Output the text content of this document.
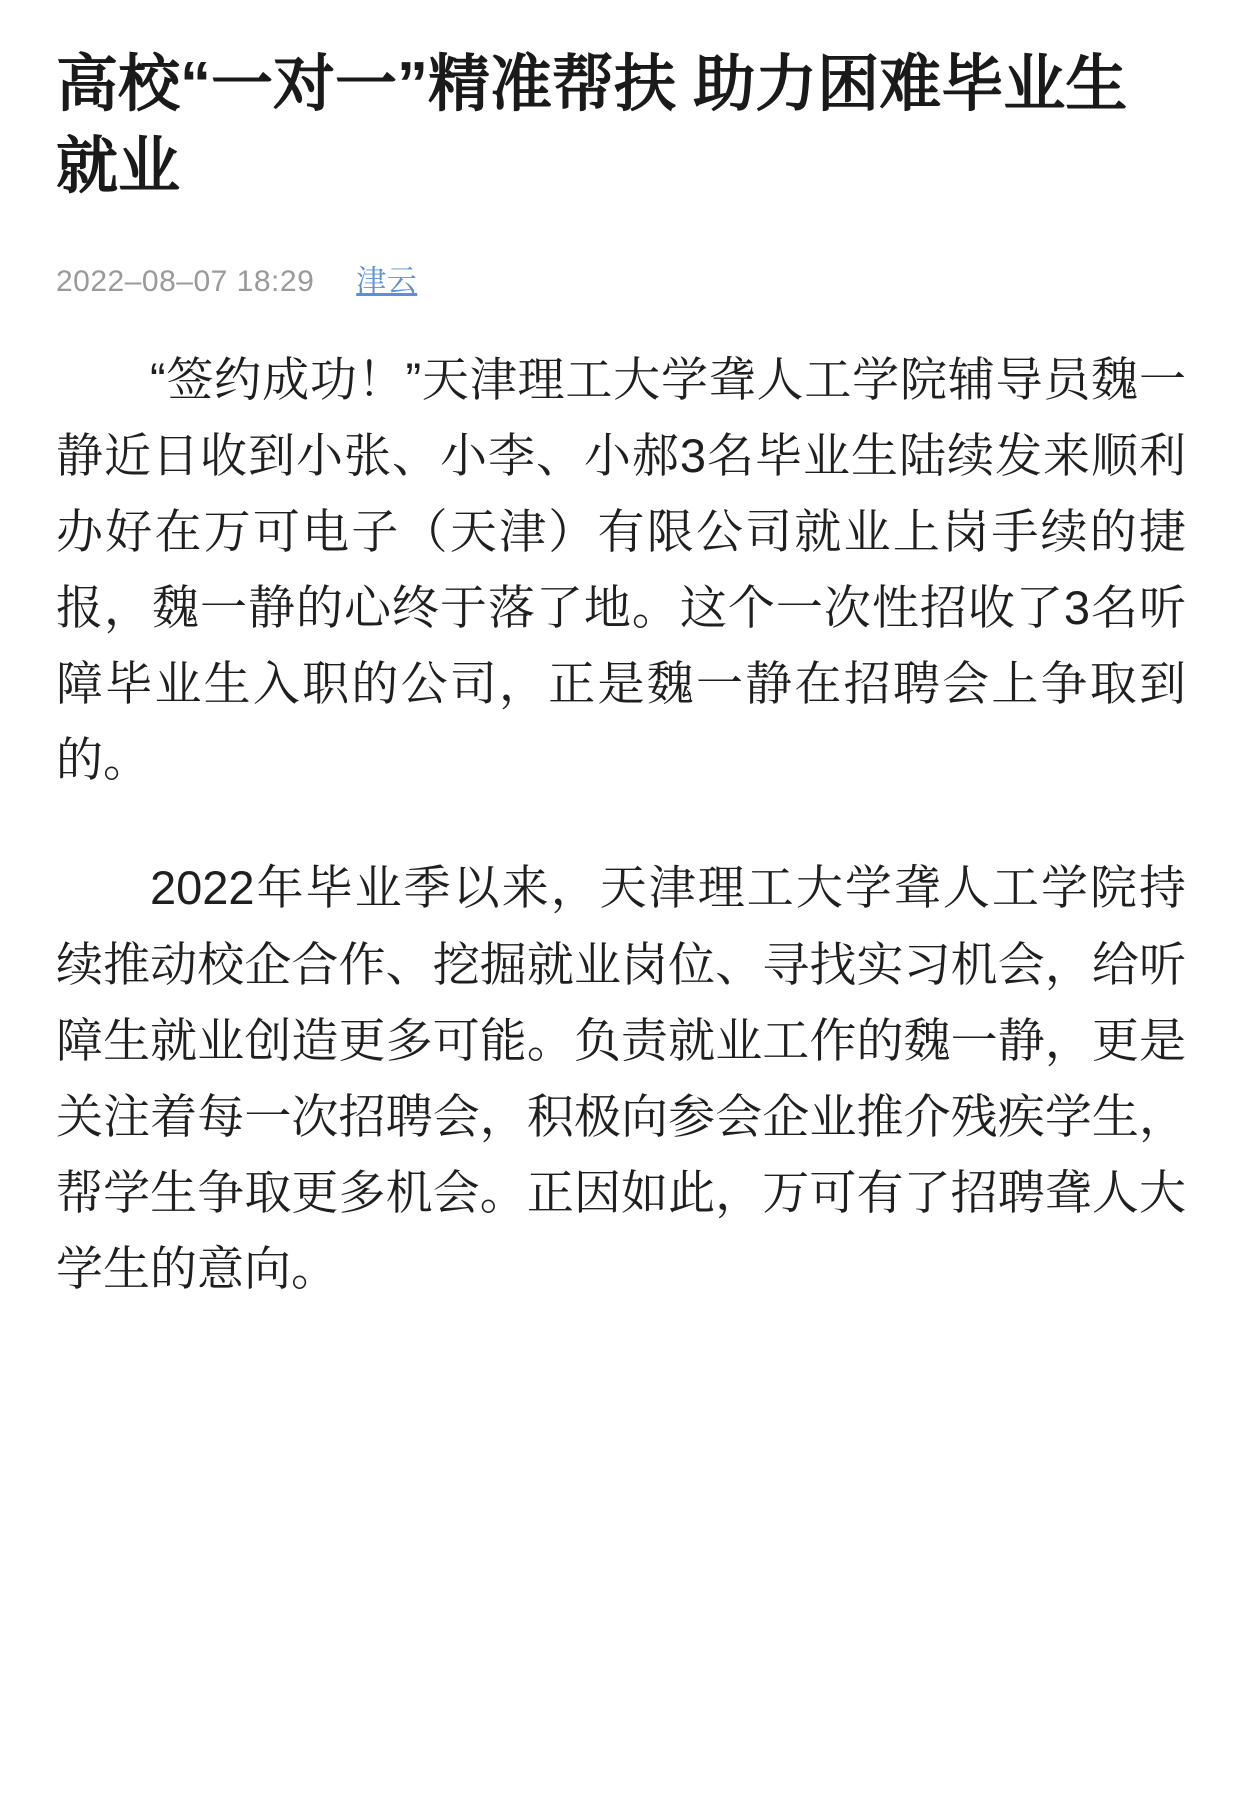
高校“一对一”精准帮扶 助力困难毕业生就业
2022–08–07 18:29 津云

“签约成功！”天津理工大学聋人工学院辅导员魏一静近日收到小张、小李、小郝3名毕业生陆续发来顺利办好在万可电子（天津）有限公司就业上岗手续的捷报，魏一静的心终于落了地。这个一次性招收了3名听障毕业生入职的公司，正是魏一静在招聘会上争取到的。

2022年毕业季以来，天津理工大学聋人工学院持续推动校企合作、挖掘就业岗位、寻找实习机会，给听障生就业创造更多可能。负责就业工作的魏一静，更是关注着每一次招聘会，积极向参会企业推介残疾学生，帮学生争取更多机会。正因如此，万可有了招聘聋人大学生的意向。
